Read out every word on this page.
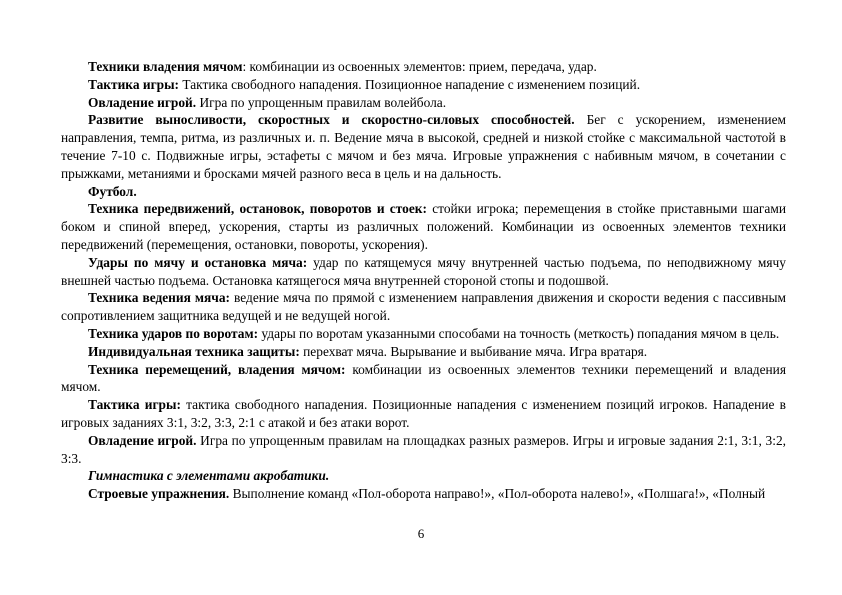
Техники владения мячом: комбинации из освоенных элементов: прием, передача, удар.

Тактика игры: Тактика свободного нападения. Позиционное нападение с изменением позиций.

Овладение игрой. Игра по упрощенным правилам волейбола.

Развитие выносливости, скоростных и скоростно-силовых способностей. Бег с ускорением, изменением направления, темпа, ритма, из различных и. п. Ведение мяча в высокой, средней и низкой стойке с максимальной частотой в течение 7-10 с. Подвижные игры, эстафеты с мячом и без мяча. Игровые упражнения с набивным мячом, в сочетании с прыжками, метаниями и бросками мячей разного веса в цель и на дальность.

Футбол.

Техника передвижений, остановок, поворотов и стоек: стойки игрока; перемещения в стойке приставными шагами боком и спиной вперед, ускорения, старты из различных положений. Комбинации из освоенных элементов техники передвижений (перемещения, остановки, повороты, ускорения).

Удары по мячу и остановка мяча: удар по катящемуся мячу внутренней частью подъема, по неподвижному мячу внешней частью подъема. Остановка катящегося мяча внутренней стороной стопы и подошвой.

Техника ведения мяча: ведение мяча по прямой с изменением направления движения и скорости ведения с пассивным сопротивлением защитника ведущей и не ведущей ногой.

Техника ударов по воротам: удары по воротам указанными способами на точность (меткость) попадания мячом в цель.

Индивидуальная техника защиты: перехват мяча. Вырывание и выбивание мяча. Игра вратаря.

Техника перемещений, владения мячом: комбинации из освоенных элементов техники перемещений и владения мячом.

Тактика игры: тактика свободного нападения. Позиционные нападения с изменением позиций игроков. Нападение в игровых заданиях 3:1, 3:2, 3:3, 2:1 с атакой и без атаки ворот.

Овладение игрой. Игра по упрощенным правилам на площадках разных размеров. Игры и игровые задания 2:1, 3:1, 3:2, 3:3.

Гимнастика с элементами акробатики.

Строевые упражнения. Выполнение команд «Пол-оборота направо!», «Пол-оборота налево!», «Полшага!», «Полный

6
